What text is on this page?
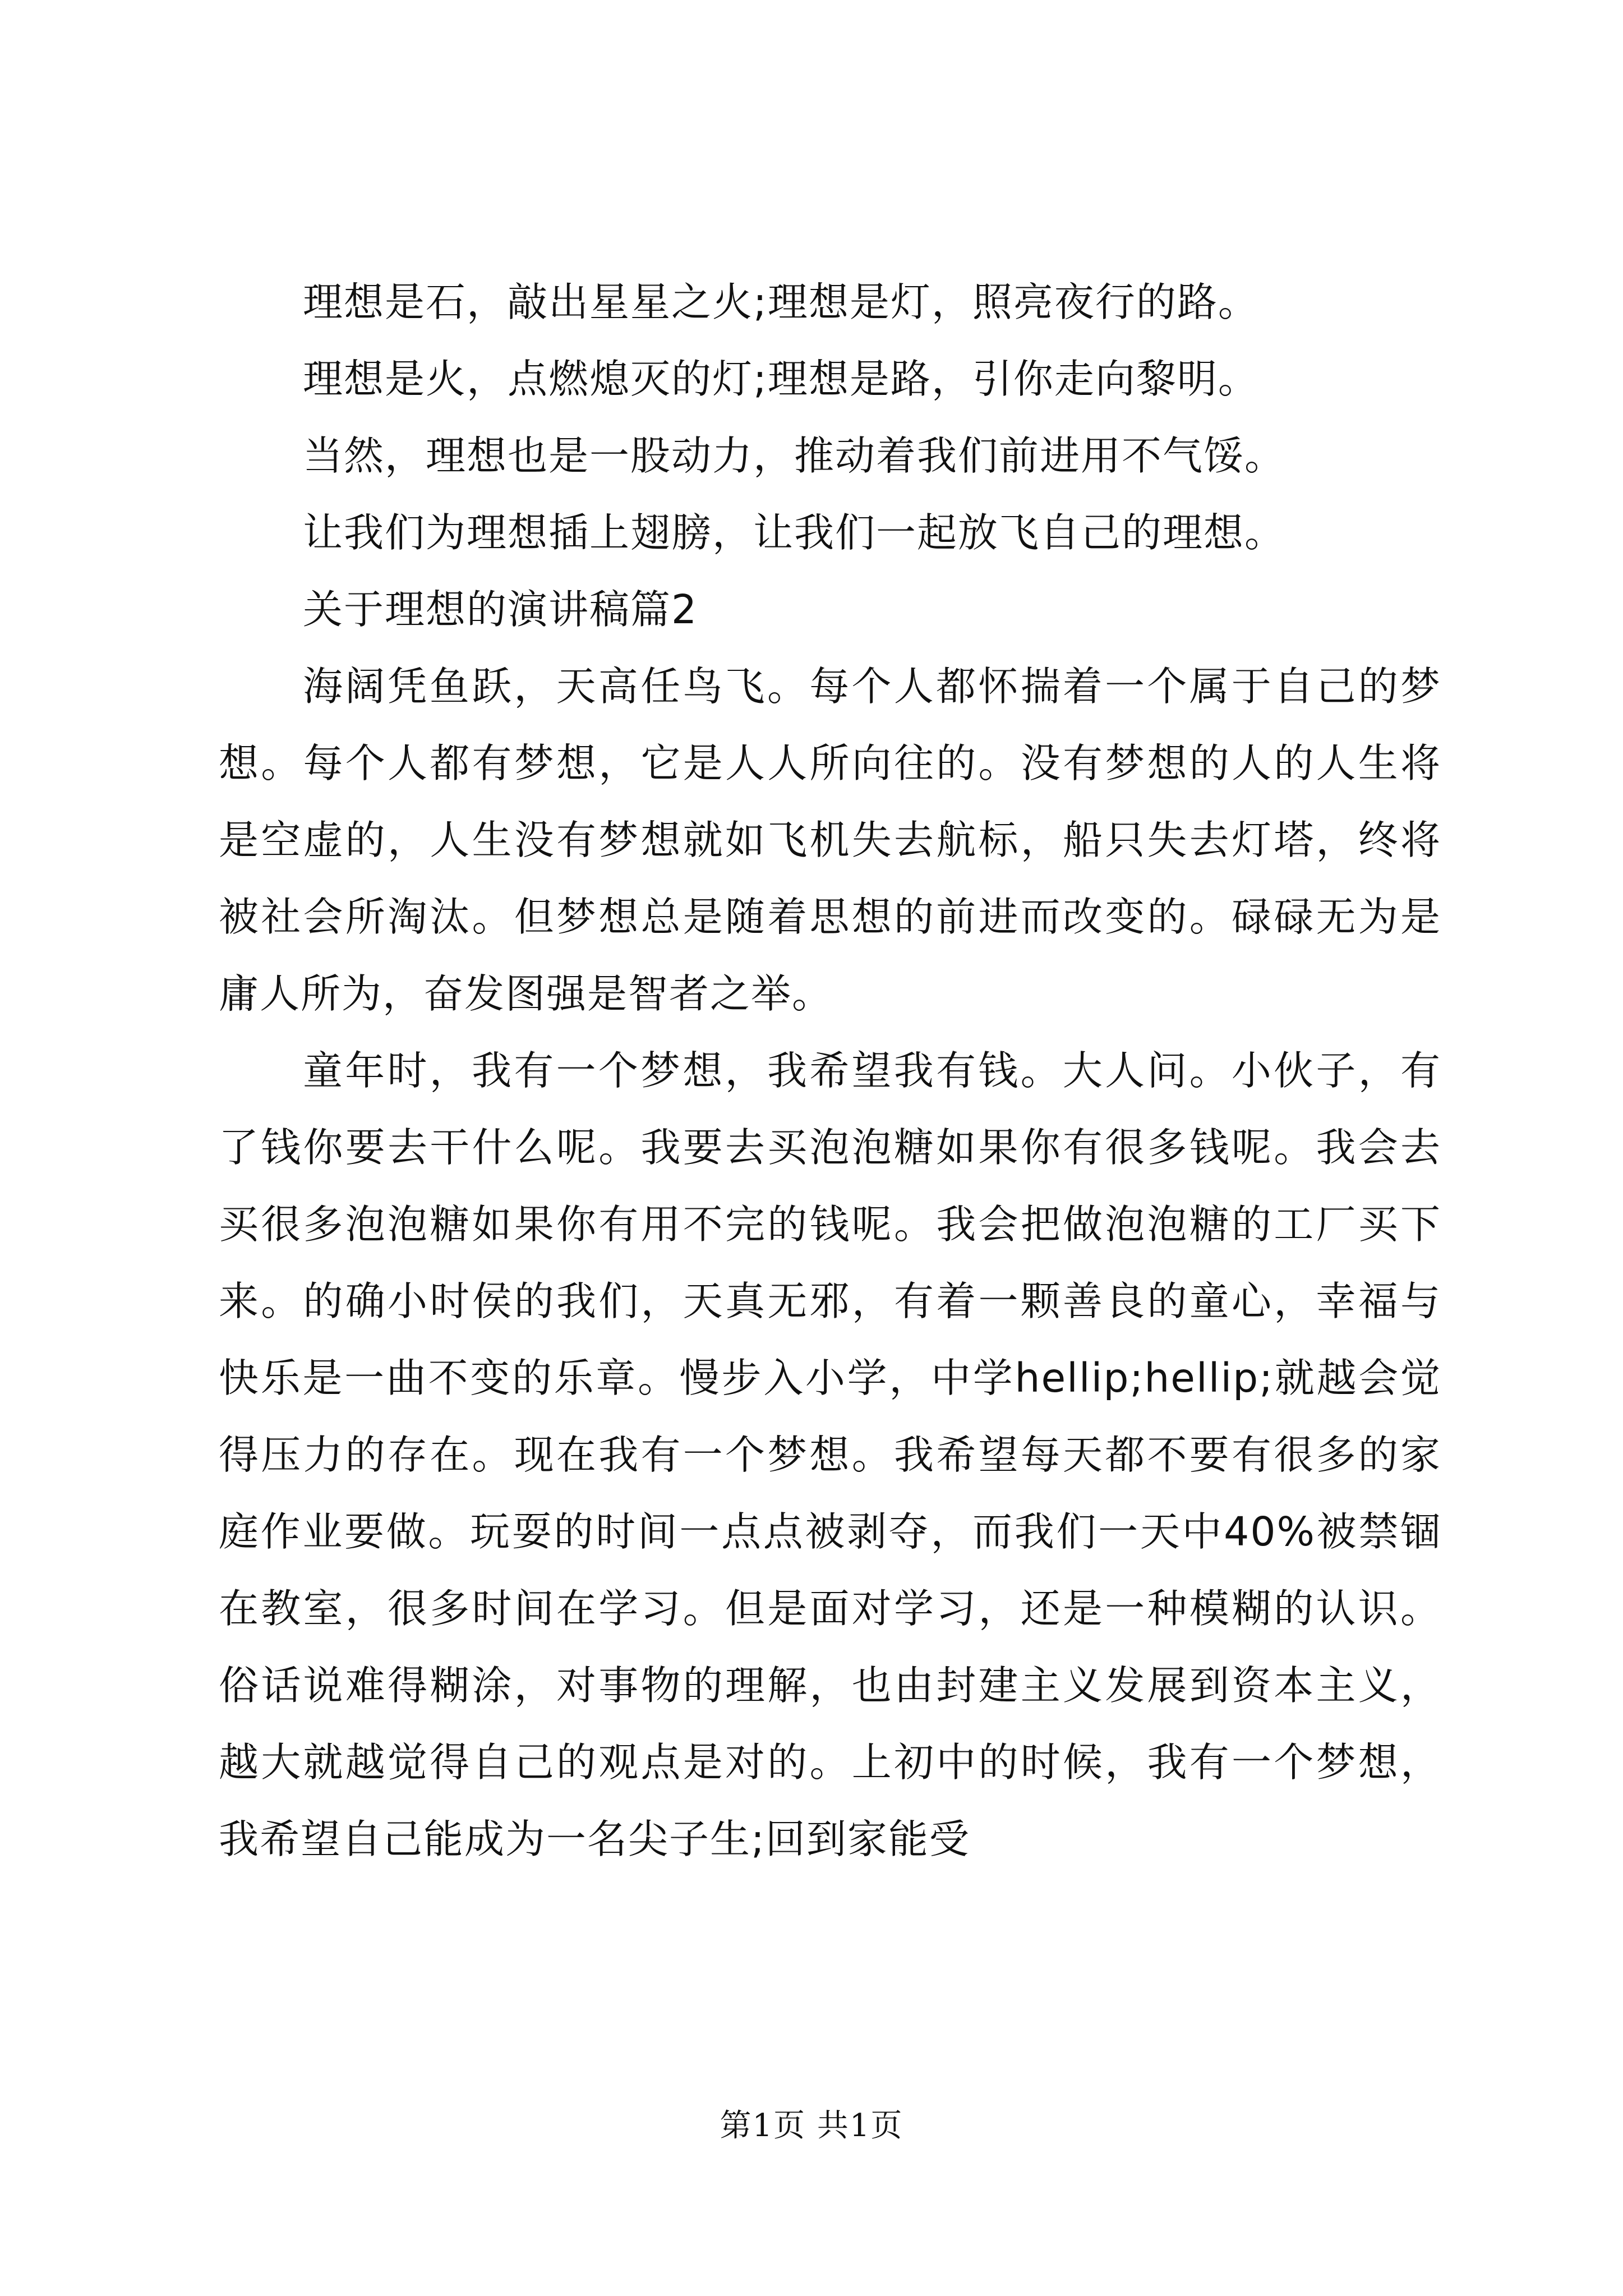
理想是石，敲出星星之火;理想是灯，照亮夜行的路。

理想是火，点燃熄灭的灯;理想是路，引你走向黎明。

当然，理想也是一股动力，推动着我们前进用不气馁。

让我们为理想插上翅膀，让我们一起放飞自己的理想。

关于理想的演讲稿篇2

海阔凭鱼跃，天高任鸟飞。每个人都怀揣着一个属于自己的梦想。每个人都有梦想，它是人人所向往的。没有梦想的人的人生将是空虚的，人生没有梦想就如飞机失去航标，船只失去灯塔，终将被社会所淘汰。但梦想总是随着思想的前进而改变的。碌碌无为是庸人所为，奋发图强是智者之举。

童年时，我有一个梦想，我希望我有钱。大人问。小伙子，有了钱你要去干什么呢。我要去买泡泡糖如果你有很多钱呢。我会去买很多泡泡糖如果你有用不完的钱呢。我会把做泡泡糖的工厂买下来。的确小时侯的我们，天真无邪，有着一颗善良的童心，幸福与快乐是一曲不变的乐章。慢步入小学，中学hellip;hellip;就越会觉得压力的存在。现在我有一个梦想。我希望每天都不要有很多的家庭作业要做。玩耍的时间一点点被剥夺，而我们一天中40%被禁锢在教室，很多时间在学习。但是面对学习，还是一种模糊的认识。俗话说难得糊涂，对事物的理解，也由封建主义发展到资本主义，越大就越觉得自己的观点是对的。上初中的时候，我有一个梦想，我希望自己能成为一名尖子生;回到家能受

第1页 共1页
